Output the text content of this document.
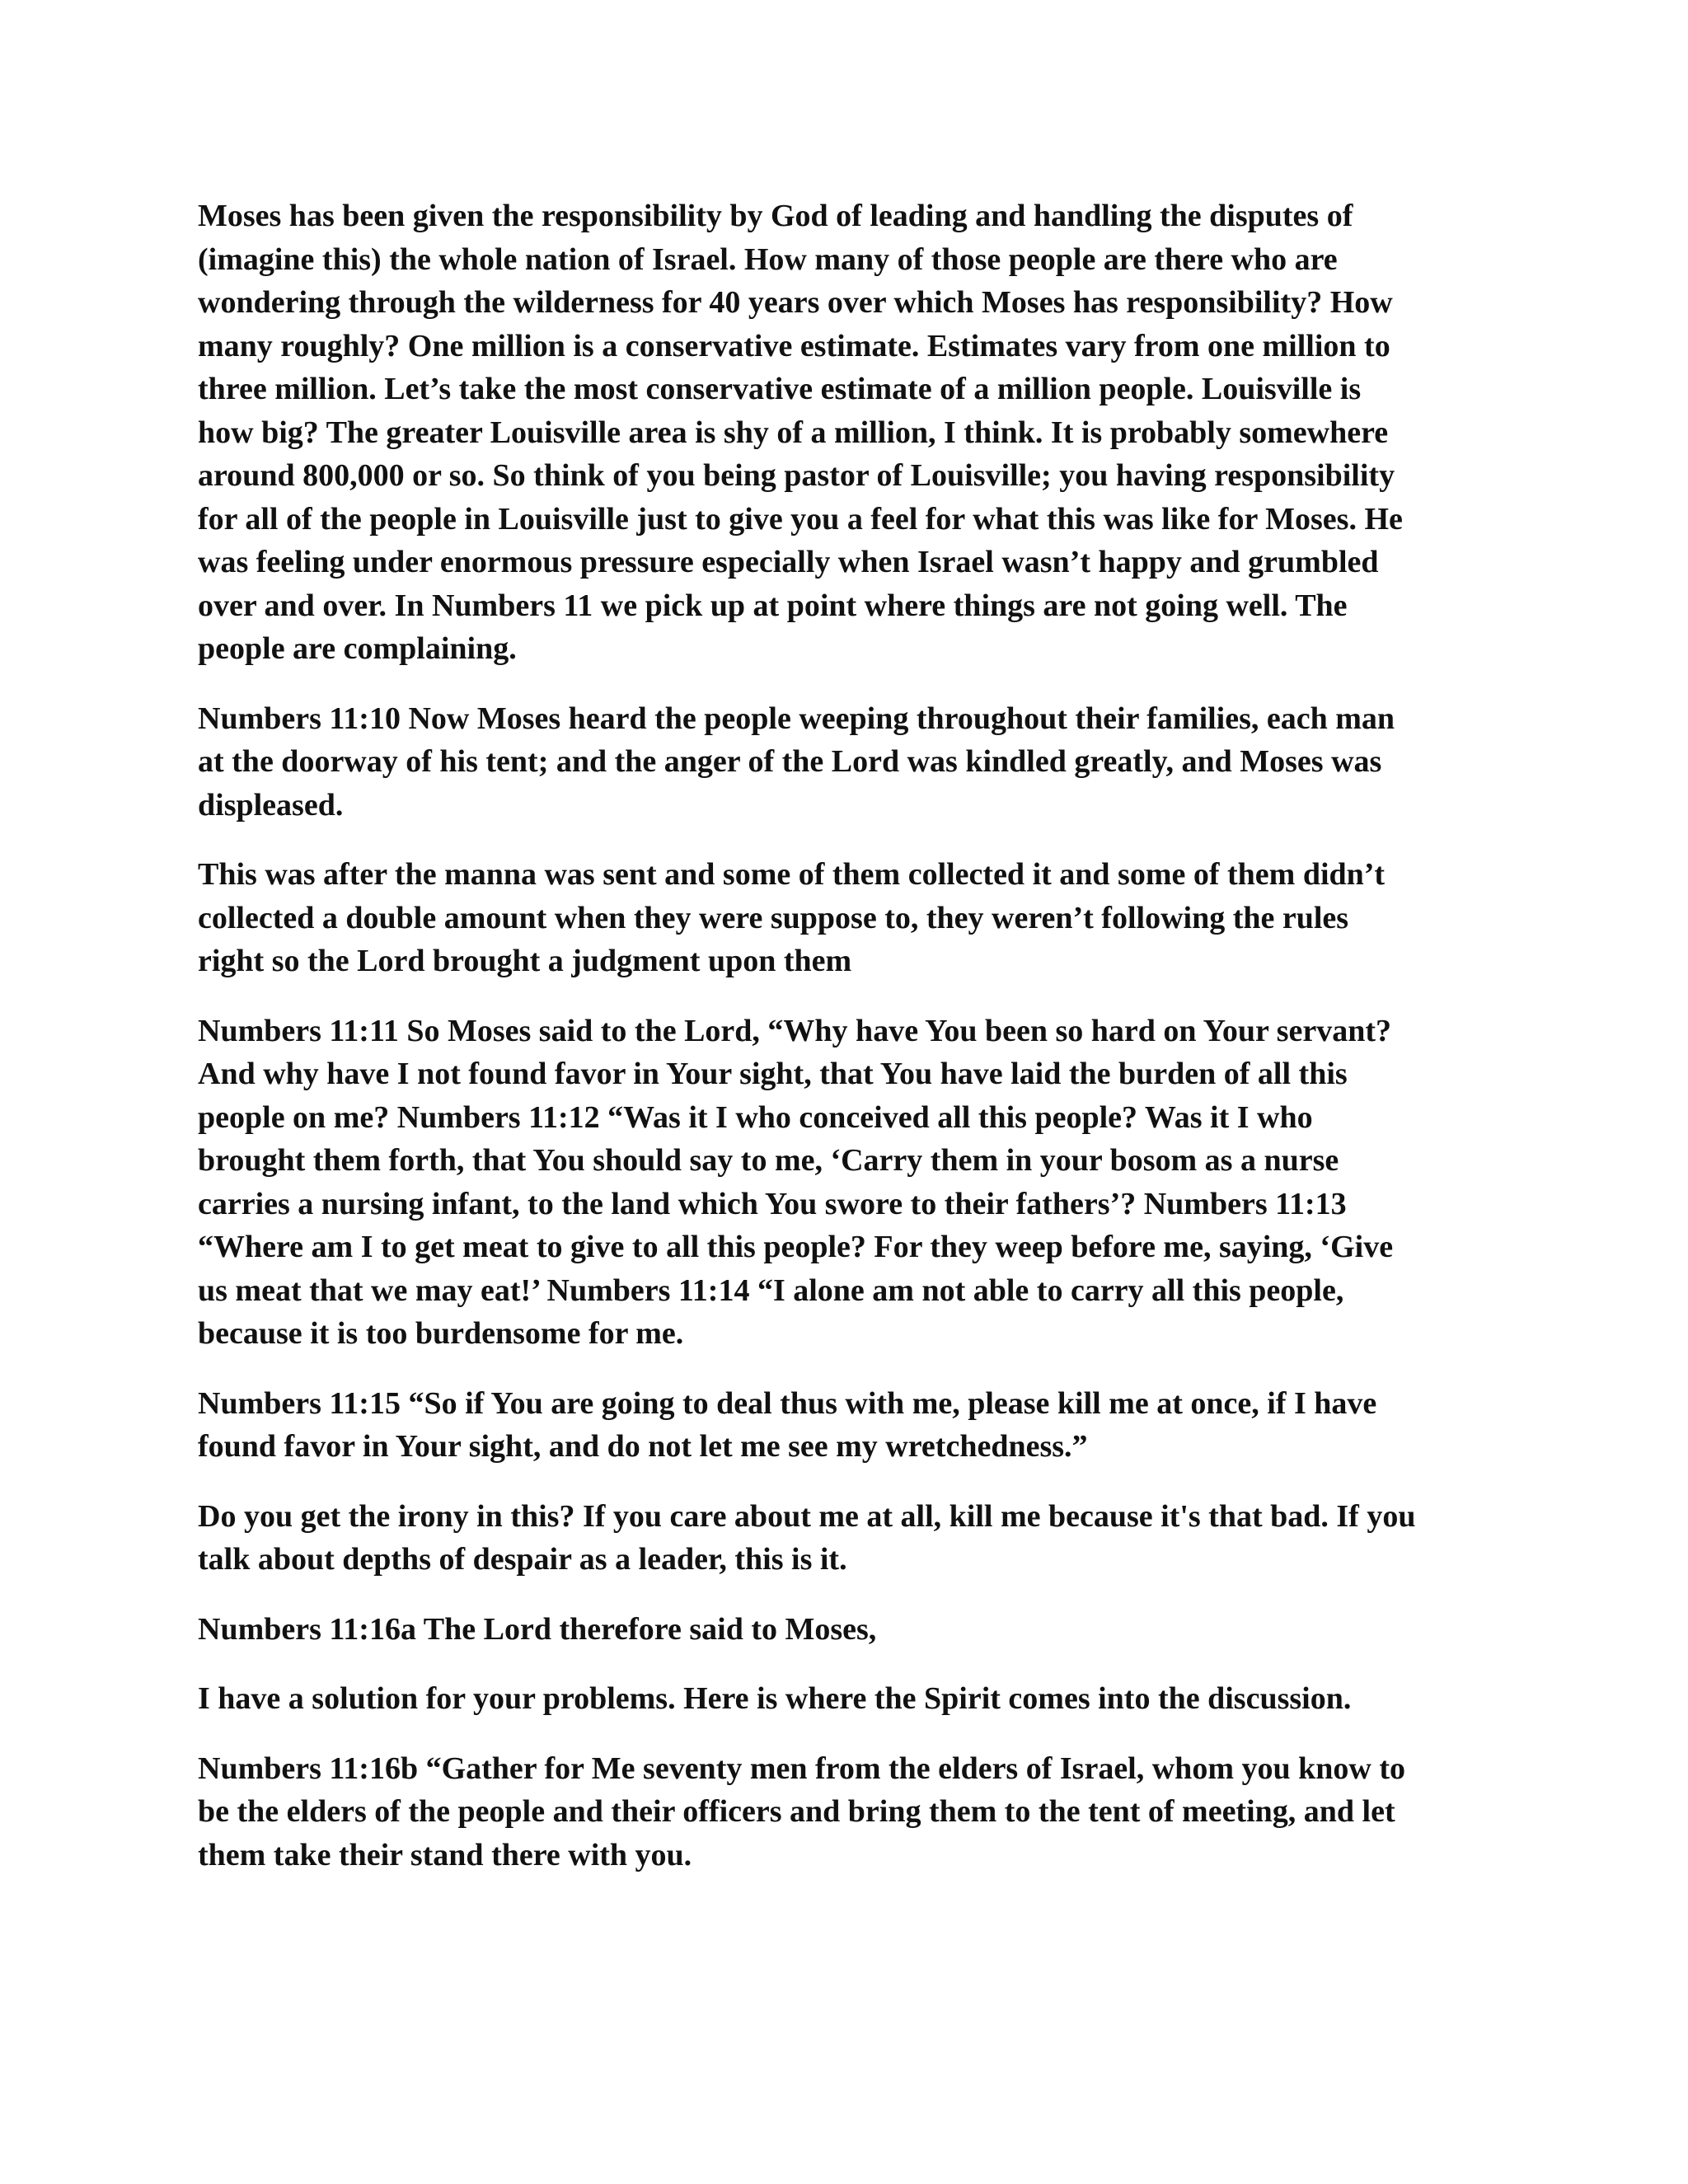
Moses has been given the responsibility by God of leading and handling the disputes of
(imagine this) the whole nation of Israel. How many of those people are there who are
wondering through the wilderness for 40 years over which Moses has responsibility? How
many roughly? One million is a conservative estimate. Estimates vary from one million to
three million. Let’s take the most conservative estimate of a million people. Louisville is
how big? The greater Louisville area is shy of a million, I think. It is probably somewhere
around 800,000 or so. So think of you being pastor of Louisville; you having responsibility
for all of the people in Louisville just to give you a feel for what this was like for Moses. He
was feeling under enormous pressure especially when Israel wasn’t happy and grumbled
over and over. In Numbers 11 we pick up at point where things are not going well. The
people are complaining.

Numbers 11:10 Now Moses heard the people weeping throughout their families, each man
at the doorway of his tent; and the anger of the Lord was kindled greatly, and Moses was
displeased.

This was after the manna was sent and some of them collected it and some of them didn’t
collected a double amount when they were suppose to, they weren’t following the rules
right so the Lord brought a judgment upon them

Numbers 11:11 So Moses said to the Lord, “Why have You been so hard on Your servant?
And why have I not found favor in Your sight, that You have laid the burden of all this
people on me? Numbers 11:12 “Was it I who conceived all this people? Was it I who
brought them forth, that You should say to me, ‘Carry them in your bosom as a nurse
carries a nursing infant, to the land which You swore to their fathers’? Numbers 11:13
“Where am I to get meat to give to all this people? For they weep before me, saying, ‘Give
us meat that we may eat!’ Numbers 11:14 “I alone am not able to carry all this people,
because it is too burdensome for me.

Numbers 11:15 “So if You are going to deal thus with me, please kill me at once, if I have
found favor in Your sight, and do not let me see my wretchedness.”

Do you get the irony in this? If you care about me at all, kill me because it's that bad. If you
talk about depths of despair as a leader, this is it.

Numbers 11:16a The Lord therefore said to Moses,

I have a solution for your problems. Here is where the Spirit comes into the discussion.

Numbers 11:16b “Gather for Me seventy men from the elders of Israel, whom you know to
be the elders of the people and their officers and bring them to the tent of meeting, and let
them take their stand there with you.
